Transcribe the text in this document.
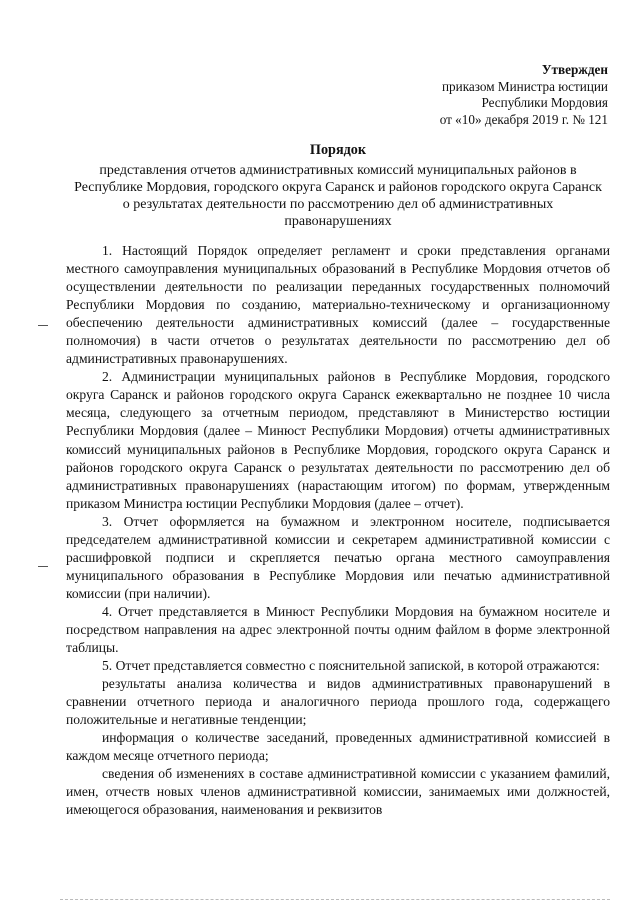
Утвержден
приказом Министра юстиции
Республики Мордовия
от «10» декабря 2019 г. № 121
Порядок
представления отчетов административных комиссий муниципальных районов в Республике Мордовия, городского округа Саранск и районов городского округа Саранск о результатах деятельности по рассмотрению дел об административных правонарушениях

1. Настоящий Порядок определяет регламент и сроки представления органами местного самоуправления муниципальных образований в Республике Мордовия отчетов об осуществлении деятельности по реализации переданных государственных полномочий Республики Мордовия по созданию, материально-техническому и организационному обеспечению деятельности административных комиссий (далее – государственные полномочия) в части отчетов о результатах деятельности по рассмотрению дел об административных правонарушениях.

2. Администрации муниципальных районов в Республике Мордовия, городского округа Саранск и районов городского округа Саранск ежеквартально не позднее 10 числа месяца, следующего за отчетным периодом, представляют в Министерство юстиции Республики Мордовия (далее – Минюст Республики Мордовия) отчеты административных комиссий муниципальных районов в Республике Мордовия, городского округа Саранск и районов городского округа Саранск о результатах деятельности по рассмотрению дел об административных правонарушениях (нарастающим итогом) по формам, утвержденным приказом Министра юстиции Республики Мордовия (далее – отчет).

3. Отчет оформляется на бумажном и электронном носителе, подписывается председателем административной комиссии и секретарем административной комиссии с расшифровкой подписи и скрепляется печатью органа местного самоуправления муниципального образования в Республике Мордовия или печатью административной комиссии (при наличии).

4. Отчет представляется в Минюст Республики Мордовия на бумажном носителе и посредством направления на адрес электронной почты одним файлом в форме электронной таблицы.

5. Отчет представляется совместно с пояснительной запиской, в которой отражаются:

результаты анализа количества и видов административных правонарушений в сравнении отчетного периода и аналогичного периода прошлого года, содержащего положительные и негативные тенденции;

информация о количестве заседаний, проведенных административной комиссией в каждом месяце отчетного периода;

сведения об изменениях в составе административной комиссии с указанием фамилий, имен, отчеств новых членов административной комиссии, занимаемых ими должностей, имеющегося образования, наименования и реквизитов
